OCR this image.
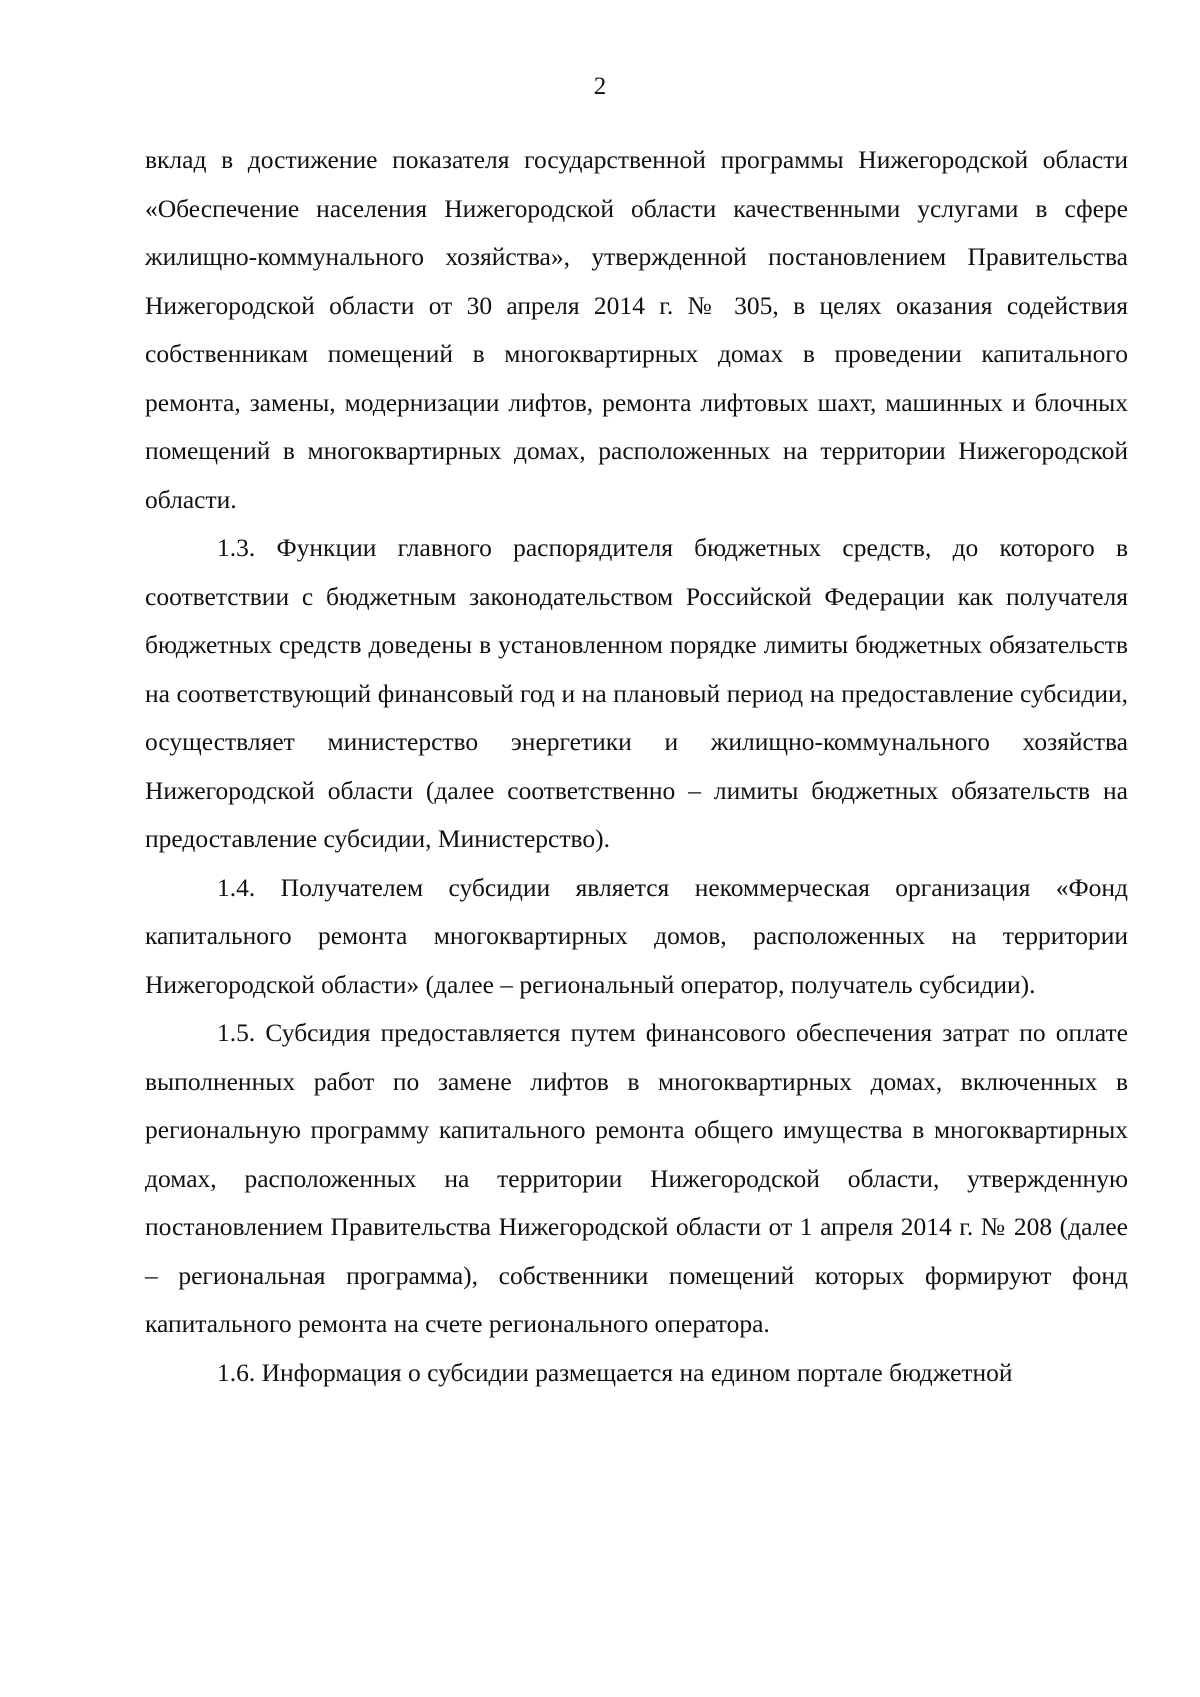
2

вклад в достижение показателя государственной программы Нижегородской области «Обеспечение населения Нижегородской области качественными услугами в сфере жилищно-коммунального хозяйства», утвержденной постановлением Правительства Нижегородской области от 30 апреля 2014 г. № 305, в целях оказания содействия собственникам помещений в многоквартирных домах в проведении капитального ремонта, замены, модернизации лифтов, ремонта лифтовых шахт, машинных и блочных помещений в многоквартирных домах, расположенных на территории Нижегородской области.

1.3. Функции главного распорядителя бюджетных средств, до которого в соответствии с бюджетным законодательством Российской Федерации как получателя бюджетных средств доведены в установленном порядке лимиты бюджетных обязательств на соответствующий финансовый год и на плановый период на предоставление субсидии, осуществляет министерство энергетики и жилищно-коммунального хозяйства Нижегородской области (далее соответственно – лимиты бюджетных обязательств на предоставление субсидии, Министерство).

1.4. Получателем субсидии является некоммерческая организация «Фонд капитального ремонта многоквартирных домов, расположенных на территории Нижегородской области» (далее – региональный оператор, получатель субсидии).

1.5. Субсидия предоставляется путем финансового обеспечения затрат по оплате выполненных работ по замене лифтов в многоквартирных домах, включенных в региональную программу капитального ремонта общего имущества в многоквартирных домах, расположенных на территории Нижегородской области, утвержденную постановлением Правительства Нижегородской области от 1 апреля 2014 г. № 208 (далее – региональная программа), собственники помещений которых формируют фонд капитального ремонта на счете регионального оператора.

1.6. Информация о субсидии размещается на едином портале бюджетной
